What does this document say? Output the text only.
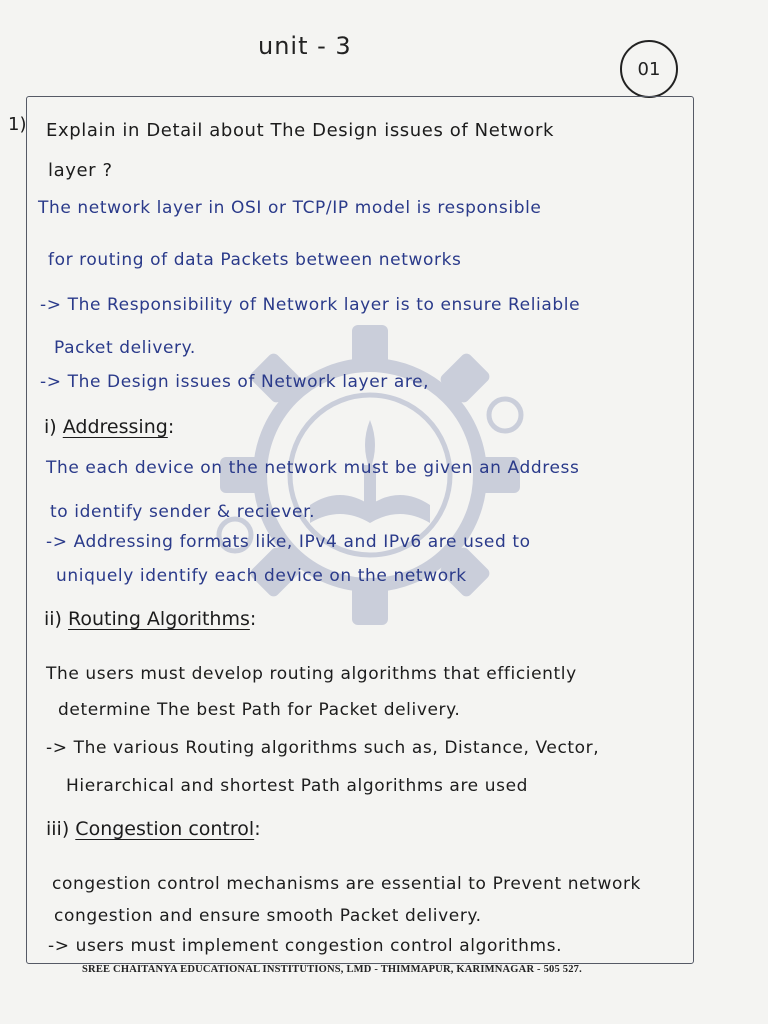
unit - 3
01
1) Explain in Detail about The Design issues of Network
layer ?
The network layer in OSI or TCP/IP model is responsible
for routing of data Packets between networks
-> The Responsibility of Network layer is to ensure Reliable
Packet delivery.
-> The Design issues of Network layer are,
i) Addressing:
The each device on the network must be given an Address
to identify sender & reciever.
-> Addressing formats like, IPv4 and IPv6 are used to
uniquely identify each device on the network
ii) Routing Algorithms:
The users must develop routing algorithms that efficiently
determine The best Path for Packet delivery.
-> The various Routing algorithms such as, Distance, Vector,
Hierarchical and shortest Path algorithms are used
iii) Congestion control:
congestion control mechanisms are essential to Prevent network
congestion and ensure smooth Packet delivery.
-> users must implement congestion control algorithms.
SREE CHAITANYA EDUCATIONAL INSTITUTIONS, LMD - THIMMAPUR, KARIMNAGAR - 505 527.
